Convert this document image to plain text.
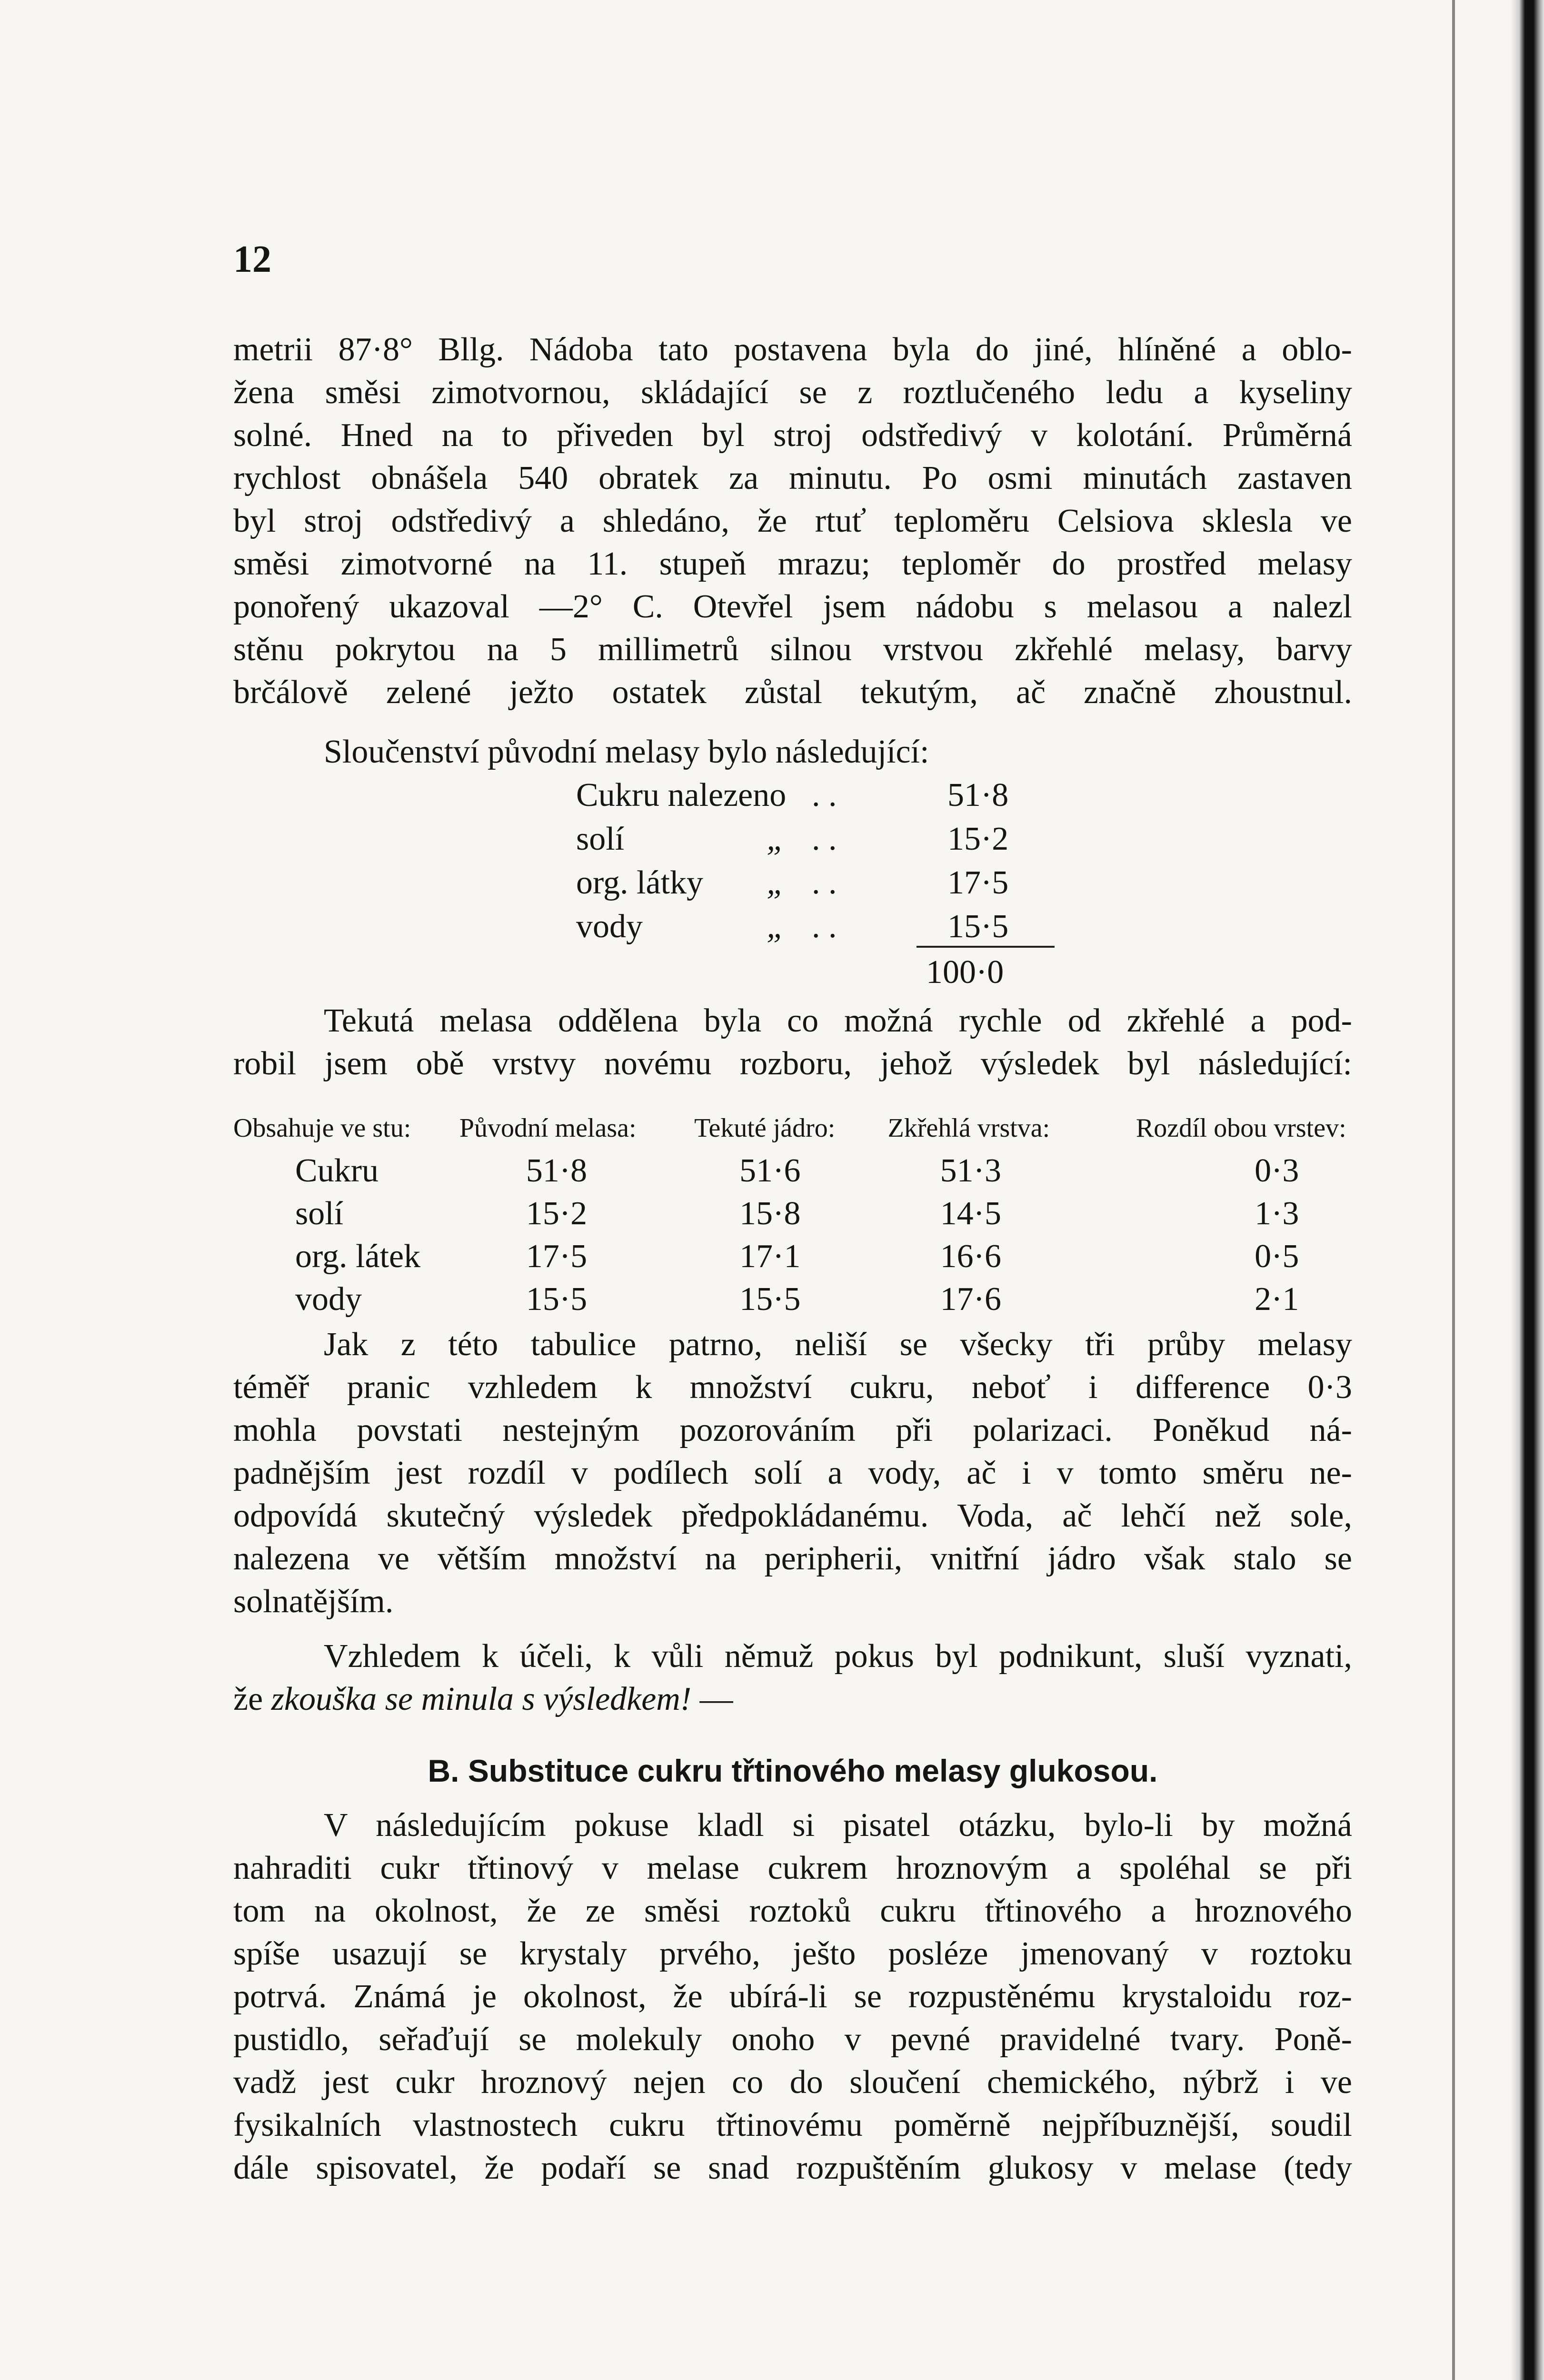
12

metrii 87·8° Bllg. Nádoba tato postavena byla do jiné, hlíněné a oblo-
žena směsi zimotvornou, skládající se z roztlučeného ledu a kyseliny
solné. Hned na to přiveden byl stroj odstředivý v kolotání. Průměrná
rychlost obnášela 540 obratek za minutu. Po osmi minutách zastaven
byl stroj odstředivý a shledáno, že rtuť teploměru Celsiova sklesla ve
směsi zimotvorné na 11. stupeň mrazu; teploměr do prostřed melasy
ponořený ukazoval —2° C. Otevřel jsem nádobu s melasou a nalezl
stěnu pokrytou na 5 millimetrů silnou vrstvou zkřehlé melasy, barvy
brčálově zelené ježto ostatek zůstal tekutým, ač značně zhoustnul.
Sloučenství původní melasy bylo následující:
Cukru nalezeno . .	51·8
solí	„ . .	15·2
org. látky „ . .	17·5
vody	„ . .	15·5
100·0
Tekutá melasa oddělena byla co možná rychle od zkřehlé a pod-
robil jsem obě vrstvy novému rozboru, jehož výsledek byl následující:
Obsahuje ve stu:	Původní melasa:	Tekuté jádro:	Zkřehlá vrstva:	Rozdíl obou vrstev:
Cukru	51·8	51·6	51·3	0·3
solí	15·2	15·8	14·5	1·3
org. látek	17·5	17·1	16·6	0·5
vody	15·5	15·5	17·6	2·1
Jak z této tabulice patrno, neliší se všecky tři průby melasy
téměř pranic vzhledem k množství cukru, neboť i difference 0·3
mohla povstati nestejným pozorováním při polarizaci. Poněkud ná-
padnějším jest rozdíl v podílech solí a vody, ač i v tomto směru ne-
odpovídá skutečný výsledek předpokládanému. Voda, ač lehčí než sole,
nalezena ve větším množství na peripherii, vnitřní jádro však stalo se
solnatějším.
Vzhledem k účeli, k vůli němuž pokus byl podnikunt, sluší vyznati,
že zkouška se minula s výsledkem! —
B. Substituce cukru třtinového melasy glukosou.
V následujícím pokuse kladl si pisatel otázku, bylo-li by možná
nahraditi cukr třtinový v melase cukrem hroznovým a spoléhal se při
tom na okolnost, že ze směsi roztoků cukru třtinového a hroznového
spíše usazují se krystaly prvého, ješto posléze jmenovaný v roztoku
potrvá. Známá je okolnost, že ubírá-li se rozpustěnému krystaloidu roz-
pustidlo, seřaďují se molekuly onoho v pevné pravidelné tvary. Poně-
vadž jest cukr hroznový nejen co do sloučení chemického, nýbrž i ve
fysikalních vlastnostech cukru třtinovému poměrně nejpříbuznější, soudil
dále spisovatel, že podaří se snad rozpuštěním glukosy v melase (tedy
